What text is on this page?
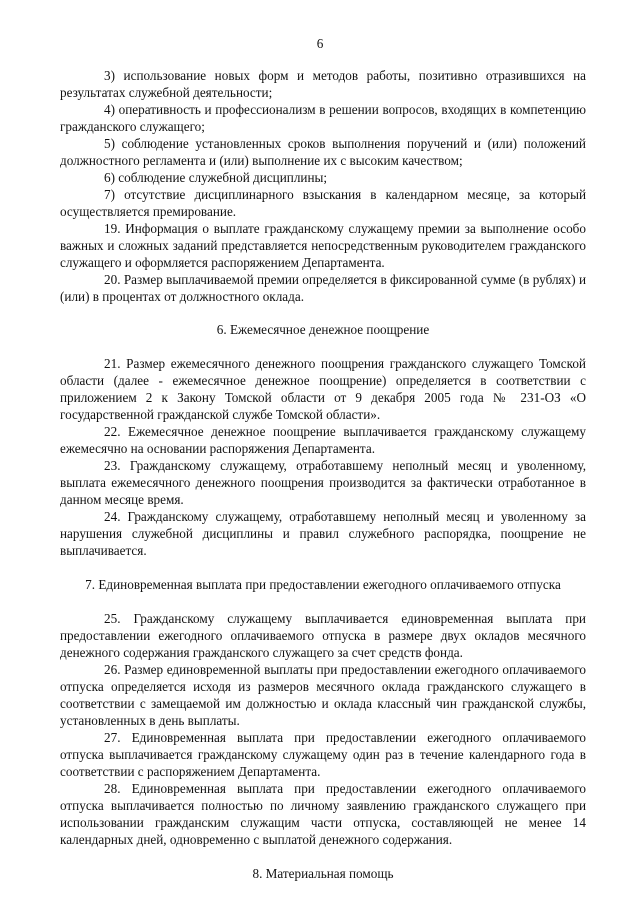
6

3) использование новых форм и методов работы, позитивно отразившихся на результатах служебной деятельности;

4) оперативность и профессионализм в решении вопросов, входящих в компетенцию гражданского служащего;

5) соблюдение установленных сроков выполнения поручений и (или) положений должностного регламента и (или) выполнение их с высоким качеством;

6) соблюдение служебной дисциплины;

7) отсутствие дисциплинарного взыскания в календарном месяце, за который осуществляется премирование.

19. Информация о выплате гражданскому служащему премии за выполнение особо важных и сложных заданий представляется непосредственным руководителем гражданского служащего и оформляется распоряжением Департамента.

20. Размер выплачиваемой премии определяется в фиксированной сумме (в рублях) и (или) в процентах от должностного оклада.

6. Ежемесячное денежное поощрение

21. Размер ежемесячного денежного поощрения гражданского служащего Томской области (далее - ежемесячное денежное поощрение) определяется в соответствии с приложением 2 к Закону Томской области от 9 декабря 2005 года № 231-ОЗ «О государственной гражданской службе Томской области».

22. Ежемесячное денежное поощрение выплачивается гражданскому служащему ежемесячно на основании распоряжения Департамента.

23. Гражданскому служащему, отработавшему неполный месяц и уволенному, выплата ежемесячного денежного поощрения производится за фактически отработанное в данном месяце время.

24. Гражданскому служащему, отработавшему неполный месяц и уволенному за нарушения служебной дисциплины и правил служебного распорядка, поощрение не выплачивается.

7. Единовременная выплата при предоставлении ежегодного оплачиваемого отпуска

25. Гражданскому служащему выплачивается единовременная выплата при предоставлении ежегодного оплачиваемого отпуска в размере двух окладов месячного денежного содержания гражданского служащего за счет средств фонда.

26. Размер единовременной выплаты при предоставлении ежегодного оплачиваемого отпуска определяется исходя из размеров месячного оклада гражданского служащего в соответствии с замещаемой им должностью и оклада классный чин гражданской службы, установленных в день выплаты.

27. Единовременная выплата при предоставлении ежегодного оплачиваемого отпуска выплачивается гражданскому служащему один раз в течение календарного года в соответствии с распоряжением Департамента.

28. Единовременная выплата при предоставлении ежегодного оплачиваемого отпуска выплачивается полностью по личному заявлению гражданского служащего при использовании гражданским служащим части отпуска, составляющей не менее 14 календарных дней, одновременно с выплатой денежного содержания.

8. Материальная помощь
